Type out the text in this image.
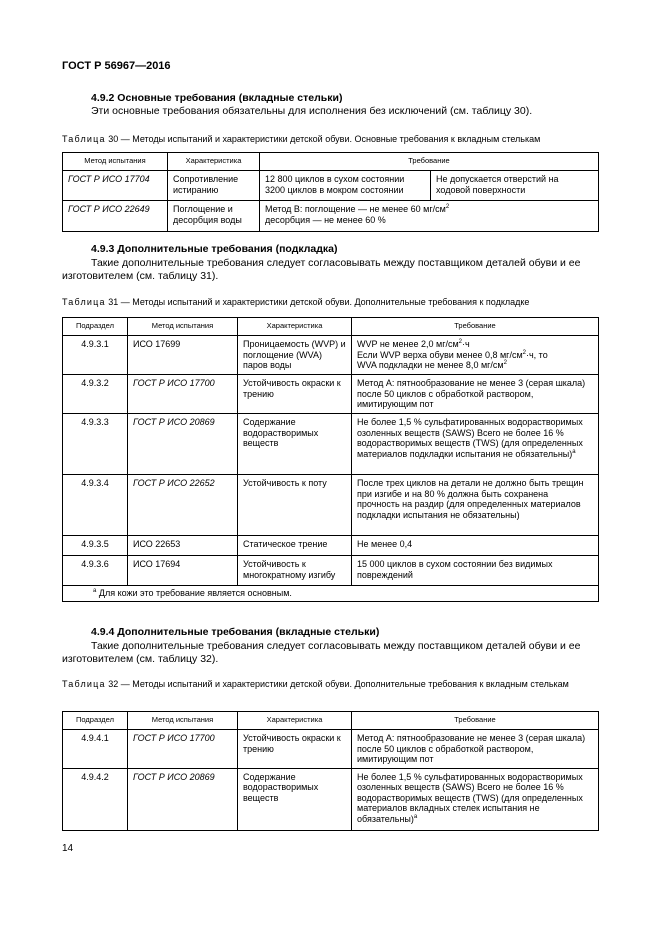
ГОСТ Р 56967—2016
4.9.2 Основные требования (вкладные стельки)
Эти основные требования обязательны для исполнения без исключений (см. таблицу 30).
Таблица 30 — Методы испытаний и характеристики детской обуви. Основные требования к вкладным стелькам
Метод испытания	Характеристика	Требование	
ГОСТ Р ИСО 17704	Сопротивление истиранию	12 800 циклов в сухом состоянии 3200 циклов в мокром состоянии	Не допускается отверстий на ходовой поверхности
ГОСТ Р ИСО 22649	Поглощение и десорбция воды	Метод В: поглощение — не менее 60 $мг/см^2$
десорбция — не менее 60 %	
4.9.3 Дополнительные требования (подкладка)
Такие дополнительные требования следует согласовывать между поставщиком деталей обуви и ее изготовителем (см. таблицу 31).
Таблица 31 — Методы испытаний и характеристики детской обуви. Дополнительные требования к подкладке
Подраздел	Метод испытания	Характеристика	Требование
4.9.3.1	ИСО 17699	Проницаемость (WVP) и поглощение (WVA) паров воды	WVP не менее 2,0 $мг/см^2\cdot ч$
Если WVP верха обуви менее 0,8 $мг/см^2\cdot ч$, то
WVA подкладки не менее 8,0 $мг/см^2$
4.9.3.2	ГОСТ Р ИСО 17700	Устойчивость окраски к трению	Метод А: пятнообразование не менее 3 (серая шкала) после 50 циклов с обработкой раствором, имитирующим пот
4.9.3.3	ГОСТ Р ИСО 20869	Содержание водорастворимых веществ	Не более 1,5 % сульфатированных водорастворимых озоленных веществ (SAWS) Всего не более 16 % водорастворимых веществ (TWS) (для определенных материалов подкладки испытания не обязательны)$^а$
4.9.3.4	ГОСТ Р ИСО 22652	Устойчивость к поту	После трех циклов на детали не должно быть трещин при изгибе и на 80 % должна быть сохранена прочность на раздир (для определенных материалов подкладки испытания не обязательны)
4.9.3.5	ИСО 22653	Статическое трение	Не менее 0,4
4.9.3.6	ИСО 17694	Устойчивость к многократному изгибу	15 000 циклов в сухом состоянии без видимых повреждений
$^а$ Для кожи это требование является основным.			
4.9.4 Дополнительные требования (вкладные стельки)
Такие дополнительные требования следует согласовывать между поставщиком деталей обуви и ее изготовителем (см. таблицу 32).
Таблица 32 — Методы испытаний и характеристики детской обуви. Дополнительные требования к вкладным стелькам
Подраздел	Метод испытания	Характеристика	Требование
4.9.4.1	ГОСТ Р ИСО 17700	Устойчивость окраски к трению	Метод А: пятнообразование не менее 3 (серая шкала) после 50 циклов с обработкой раствором, имитирующим пот
4.9.4.2	ГОСТ Р ИСО 20869	Содержание водорастворимых веществ	Не более 1,5 % сульфатированных водорастворимых озоленных веществ (SAWS) Всего не более 16 % водорастворимых веществ (TWS) (для определенных материалов вкладных стелек испытания не обязательны)$^а$
14
